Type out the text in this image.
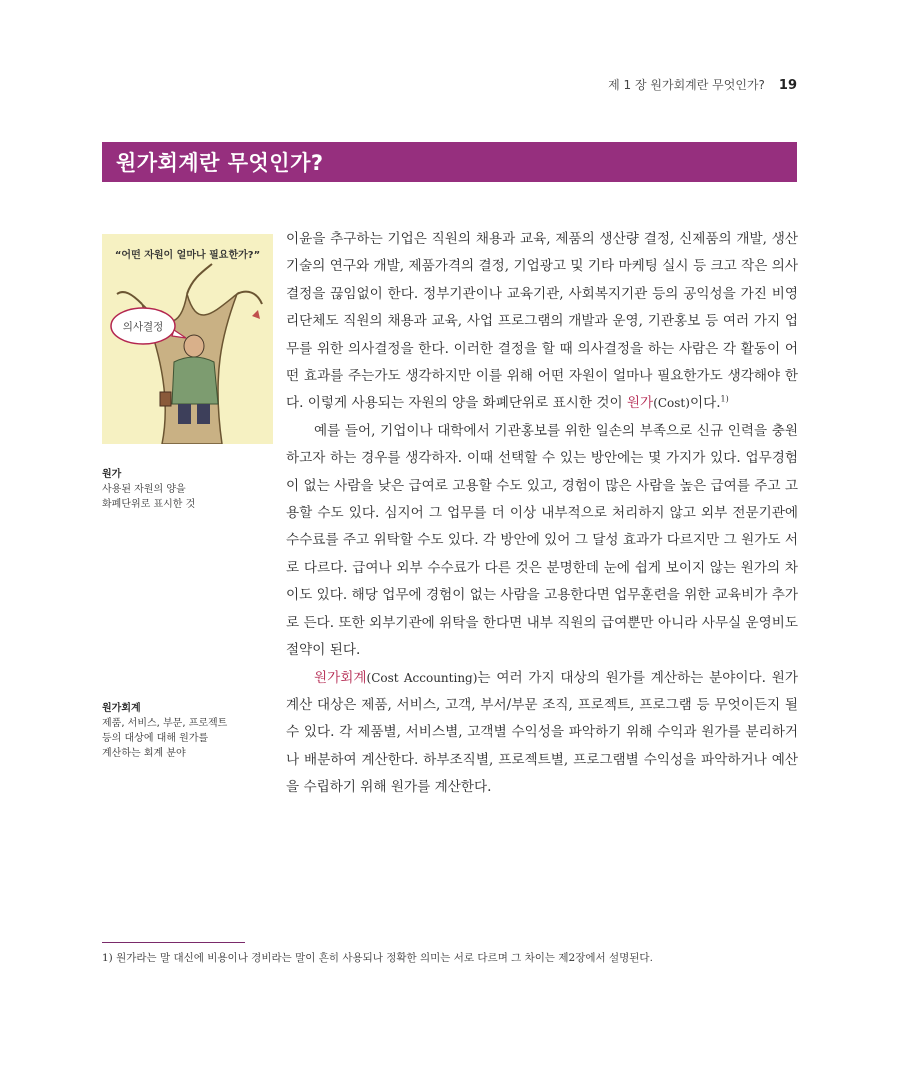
제 1 장 원가회계란 무엇인가? 19
원가회계란 무엇인가?
“어떤 자원이 얼마나 필요한가?”
의사결정
원가
사용된 자원의 양을
화폐단위로 표시한 것
원가회계
제품, 서비스, 부문, 프로젝트
등의 대상에 대해 원가를
계산하는 회계 분야

이윤을 추구하는 기업은 직원의 채용과 교육, 제품의 생산량 결정, 신제품의 개발, 생산기술의 연구와 개발, 제품가격의 결정, 기업광고 및 기타 마케팅 실시 등 크고 작은 의사결정을 끊임없이 한다. 정부기관이나 교육기관, 사회복지기관 등의 공익성을 가진 비영리단체도 직원의 채용과 교육, 사업 프로그램의 개발과 운영, 기관홍보 등 여러 가지 업무를 위한 의사결정을 한다. 이러한 결정을 할 때 의사결정을 하는 사람은 각 활동이 어떤 효과를 주는가도 생각하지만 이를 위해 어떤 자원이 얼마나 필요한가도 생각해야 한다. 이렇게 사용되는 자원의 양을 화폐단위로 표시한 것이 원가(Cost)이다.$^{1)}$

예를 들어, 기업이나 대학에서 기관홍보를 위한 일손의 부족으로 신규 인력을 충원하고자 하는 경우를 생각하자. 이때 선택할 수 있는 방안에는 몇 가지가 있다. 업무경험이 없는 사람을 낮은 급여로 고용할 수도 있고, 경험이 많은 사람을 높은 급여를 주고 고용할 수도 있다. 심지어 그 업무를 더 이상 내부적으로 처리하지 않고 외부 전문기관에 수수료를 주고 위탁할 수도 있다. 각 방안에 있어 그 달성 효과가 다르지만 그 원가도 서로 다르다. 급여나 외부 수수료가 다른 것은 분명한데 눈에 쉽게 보이지 않는 원가의 차이도 있다. 해당 업무에 경험이 없는 사람을 고용한다면 업무훈련을 위한 교육비가 추가로 든다. 또한 외부기관에 위탁을 한다면 내부 직원의 급여뿐만 아니라 사무실 운영비도 절약이 된다.

원가회계(Cost Accounting)는 여러 가지 대상의 원가를 계산하는 분야이다. 원가계산 대상은 제품, 서비스, 고객, 부서/부문 조직, 프로젝트, 프로그램 등 무엇이든지 될 수 있다. 각 제품별, 서비스별, 고객별 수익성을 파악하기 위해 수익과 원가를 분리하거나 배분하여 계산한다. 하부조직별, 프로젝트별, 프로그램별 수익성을 파악하거나 예산을 수립하기 위해 원가를 계산한다.

1) 원가라는 말 대신에 비용이나 경비라는 말이 흔히 사용되나 정확한 의미는 서로 다르며 그 차이는 제2장에서 설명된다.
